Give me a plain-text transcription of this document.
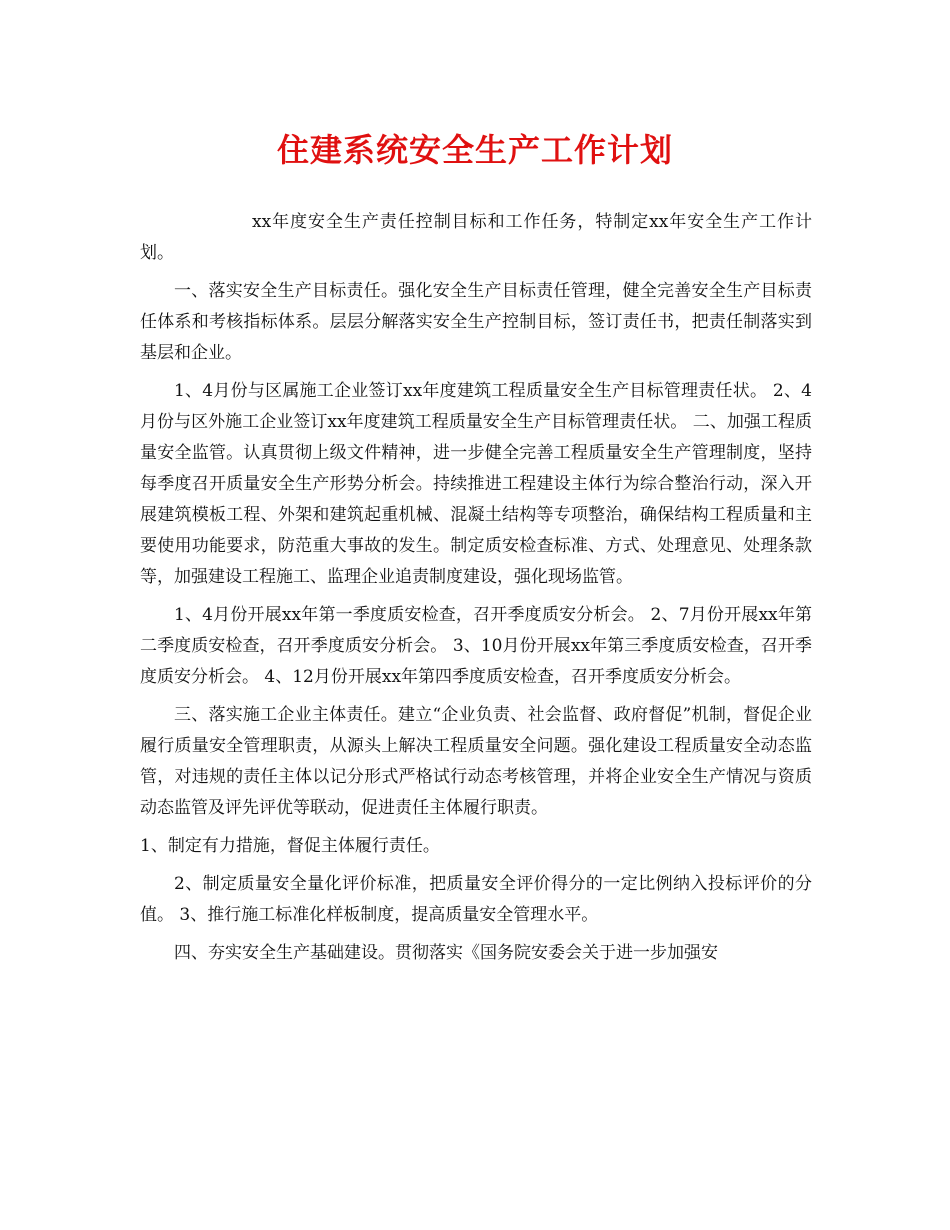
住建系统安全生产工作计划

xx年度安全生产责任控制目标和工作任务，特制定xx年安全生产工作计划。

一、落实安全生产目标责任。强化安全生产目标责任管理，健全完善安全生产目标责任体系和考核指标体系。层层分解落实安全生产控制目标，签订责任书，把责任制落实到基层和企业。

1、4月份与区属施工企业签订xx年度建筑工程质量安全生产目标管理责任状。 2、4月份与区外施工企业签订xx年度建筑工程质量安全生产目标管理责任状。 二、加强工程质量安全监管。认真贯彻上级文件精神，进一步健全完善工程质量安全生产管理制度，坚持每季度召开质量安全生产形势分析会。持续推进工程建设主体行为综合整治行动，深入开展建筑模板工程、外架和建筑起重机械、混凝土结构等专项整治，确保结构工程质量和主要使用功能要求，防范重大事故的发生。制定质安检查标准、方式、处理意见、处理条款等，加强建设工程施工、监理企业追责制度建设，强化现场监管。

1、4月份开展xx年第一季度质安检查，召开季度质安分析会。 2、7月份开展xx年第二季度质安检查，召开季度质安分析会。 3、10月份开展xx年第三季度质安检查，召开季度质安分析会。 4、12月份开展xx年第四季度质安检查，召开季度质安分析会。

三、落实施工企业主体责任。建立“企业负责、社会监督、政府督促”机制，督促企业履行质量安全管理职责，从源头上解决工程质量安全问题。强化建设工程质量安全动态监管，对违规的责任主体以记分形式严格试行动态考核管理，并将企业安全生产情况与资质动态监管及评先评优等联动，促进责任主体履行职责。

1、制定有力措施，督促主体履行责任。

2、制定质量安全量化评价标准，把质量安全评价得分的一定比例纳入投标评价的分值。 3、推行施工标准化样板制度，提高质量安全管理水平。

四、夯实安全生产基础建设。贯彻落实《国务院安委会关于进一步加强安
